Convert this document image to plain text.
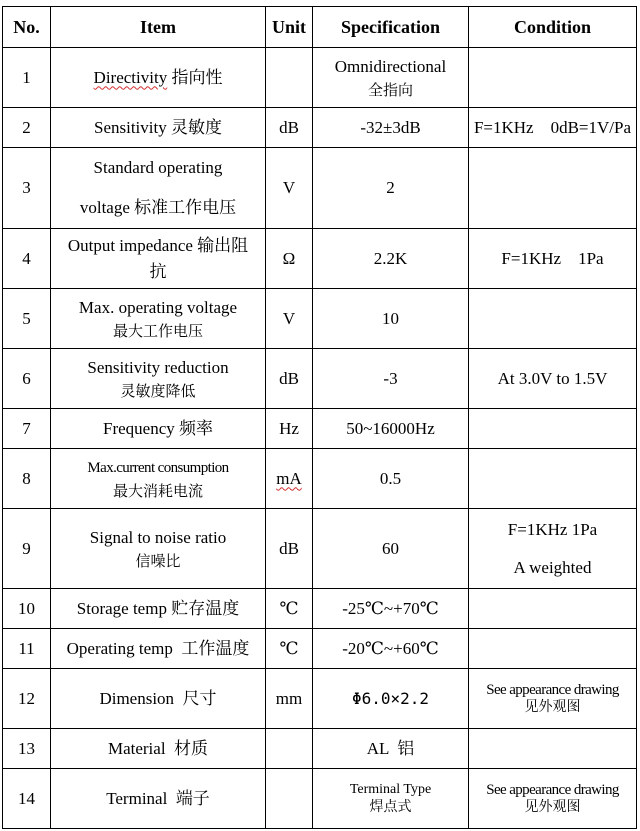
No.	Item	Unit	Specification	Condition
1	Directivity 指向性		Omnidirectional
全指向	

2	Sensitivity 灵敏度	dB	-32±3dB	F=1KHz    0dB=1V/Pa
3	Standard operating
voltage 标准工作电压	V	2	
4	Output impedance 输出阻
抗	Ω	2.2K	F=1KHz    1Pa
5	Max. operating voltage
最大工作电压	V	10	
6	Sensitivity reduction
灵敏度降低	dB	-3	At 3.0V to 1.5V
7	Frequency 频率	Hz	50~16000Hz	
8	Max.current consumption
最大消耗电流	mA	0.5	
9	Signal to noise ratio
信噪比	dB	60	F=1KHz 1Pa
A weighted
10	Storage temp 贮存温度	℃	-25℃~+70℃	
11	Operating temp 工作温度	℃	-20℃~+60℃	
12	Dimension 尺寸	mm	Φ6.0×2.2	See appearance drawing
见外观图

13	Material 材质		AL  铝	
14	Terminal 端子		Terminal Type
焊点式	See appearance drawing
见外观图
